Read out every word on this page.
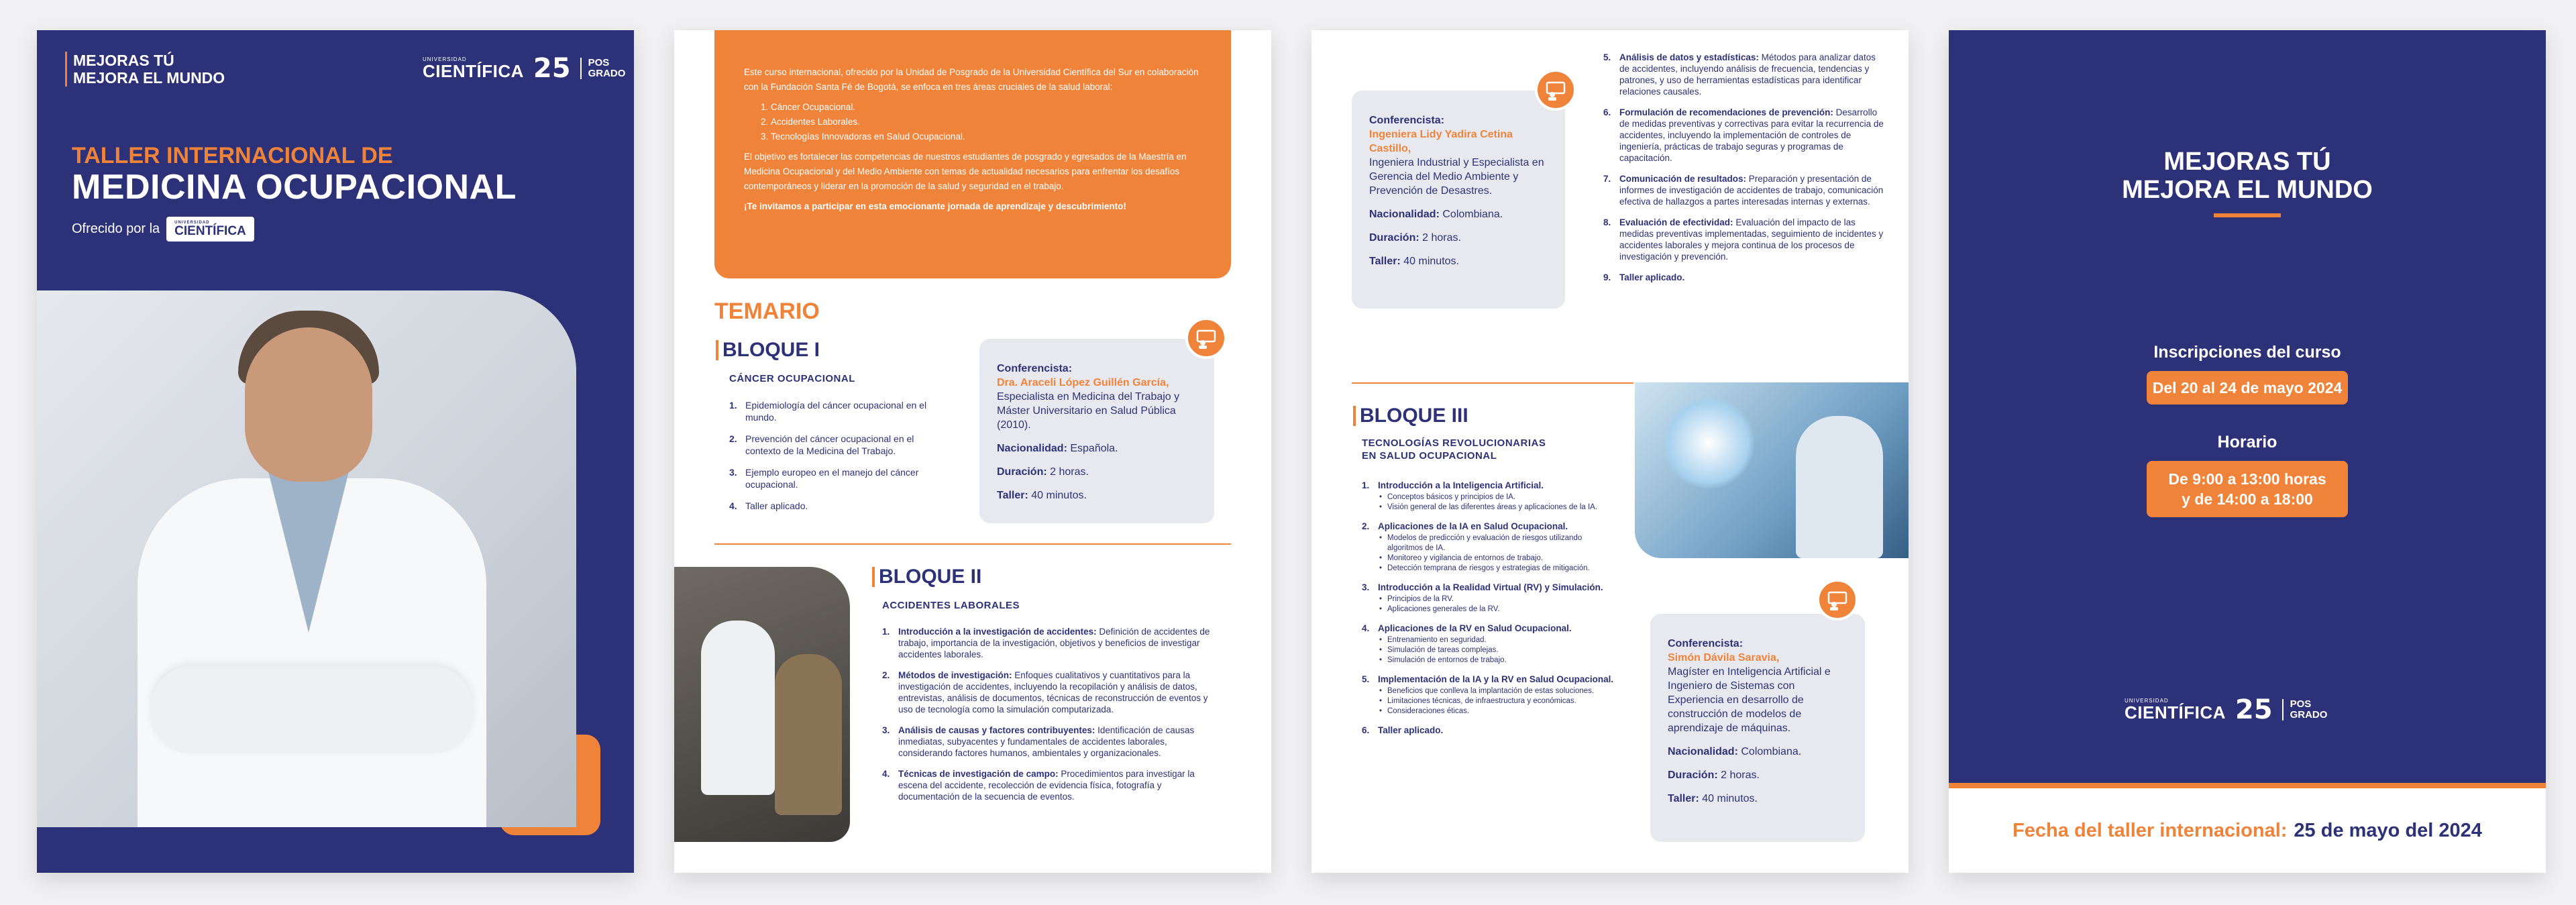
MEJORAS TÚ
MEJORA EL MUNDO
UNIVERSIDAD
CIENTÍFICA 25 POS
GRADO
TALLER INTERNACIONAL DE
MEDICINA OCUPACIONAL
Ofrecido por la	UNIVERSIDAD
CIENTÍFICA

Este curso internacional, ofrecido por la Unidad de Posgrado de la Universidad Científica del Sur en colaboración con la Fundación Santa Fé de Bogotá, se enfoca en tres áreas cruciales de la salud laboral:

1. Cáncer Ocupacional.
2. Accidentes Laborales.
3. Tecnologías Innovadoras en Salud Ocupacional.

El objetivo es fortalecer las competencias de nuestros estudiantes de posgrado y egresados de la Maestría en Medicina Ocupacional y del Medio Ambiente con temas de actualidad necesarios para enfrentar los desafíos contemporáneos y liderar en la promoción de la salud y seguridad en el trabajo.

¡Te invitamos a participar en esta emocionante jornada de aprendizaje y descubrimiento!

TEMARIO
BLOQUE I
CÁNCER OCUPACIONAL
1. Epidemiología del cáncer ocupacional en el mundo.
2. Prevención del cáncer ocupacional en el contexto de la Medicina del Trabajo.
3. Ejemplo europeo en el manejo del cáncer ocupacional.
4. Taller aplicado.
Conferencista:
Dra. Araceli López Guillén García,
Especialista en Medicina del Trabajo y Máster Universitario en Salud Pública (2010).
Nacionalidad: Española.
Duración: 2 horas.
Taller: 40 minutos.
BLOQUE II
ACCIDENTES LABORALES
1. Introducción a la investigación de accidentes: Definición de accidentes de trabajo, importancia de la investigación, objetivos y beneficios de investigar accidentes laborales.
2. Métodos de investigación: Enfoques cualitativos y cuantitativos para la investigación de accidentes, incluyendo la recopilación y análisis de datos, entrevistas, análisis de documentos, técnicas de reconstrucción de eventos y uso de tecnología como la simulación computarizada.
3. Análisis de causas y factores contribuyentes: Identificación de causas inmediatas, subyacentes y fundamentales de accidentes laborales, considerando factores humanos, ambientales y organizacionales.
4. Técnicas de investigación de campo: Procedimientos para investigar la escena del accidente, recolección de evidencia física, fotografía y documentación de la secuencia de eventos.
Conferencista:
Ingeniera Lidy Yadira Cetina Castillo,
Ingeniera Industrial y Especialista en Gerencia del Medio Ambiente y Prevención de Desastres.
Nacionalidad: Colombiana.
Duración: 2 horas.
Taller: 40 minutos.
5. Análisis de datos y estadísticas: Métodos para analizar datos de accidentes, incluyendo análisis de frecuencia, tendencias y patrones, y uso de herramientas estadísticas para identificar relaciones causales.
6. Formulación de recomendaciones de prevención: Desarrollo de medidas preventivas y correctivas para evitar la recurrencia de accidentes, incluyendo la implementación de controles de ingeniería, prácticas de trabajo seguras y programas de capacitación.
7. Comunicación de resultados: Preparación y presentación de informes de investigación de accidentes de trabajo, comunicación efectiva de hallazgos a partes interesadas internas y externas.
8. Evaluación de efectividad: Evaluación del impacto de las medidas preventivas implementadas, seguimiento de incidentes y accidentes laborales y mejora continua de los procesos de investigación y prevención.
9. Taller aplicado.
BLOQUE III
TECNOLOGÍAS REVOLUCIONARIAS
EN SALUD OCUPACIONAL
1. Introducción a la Inteligencia Artificial.
• Conceptos básicos y principios de IA.
• Visión general de las diferentes áreas y aplicaciones de la IA.
2. Aplicaciones de la IA en Salud Ocupacional.
• Modelos de predicción y evaluación de riesgos utilizando algoritmos de IA.
• Monitoreo y vigilancia de entornos de trabajo.
• Detección temprana de riesgos y estrategias de mitigación.
3. Introducción a la Realidad Virtual (RV) y Simulación.
• Principios de la RV.
• Aplicaciones generales de la RV.
4. Aplicaciones de la RV en Salud Ocupacional.
• Entrenamiento en seguridad.
• Simulación de tareas complejas.
• Simulación de entornos de trabajo.
5. Implementación de la IA y la RV en Salud Ocupacional.
• Beneficios que conlleva la implantación de estas soluciones.
• Limitaciones técnicas, de infraestructura y económicas.
• Consideraciones éticas.
6. Taller aplicado.
Conferencista:
Simón Dávila Saravia,
Magíster en Inteligencia Artificial e Ingeniero de Sistemas con Experiencia en desarrollo de construcción de modelos de aprendizaje de máquinas.
Nacionalidad: Colombiana.
Duración: 2 horas.
Taller: 40 minutos.
MEJORAS TÚ
MEJORA EL MUNDO
Inscripciones del curso
Del 20 al 24 de mayo 2024
Horario
De 9:00 a 13:00 horas
y de 14:00 a 18:00
UNIVERSIDAD
CIENTÍFICA 25 POS
GRADO
Fecha del taller internacional: 25 de mayo del 2024
